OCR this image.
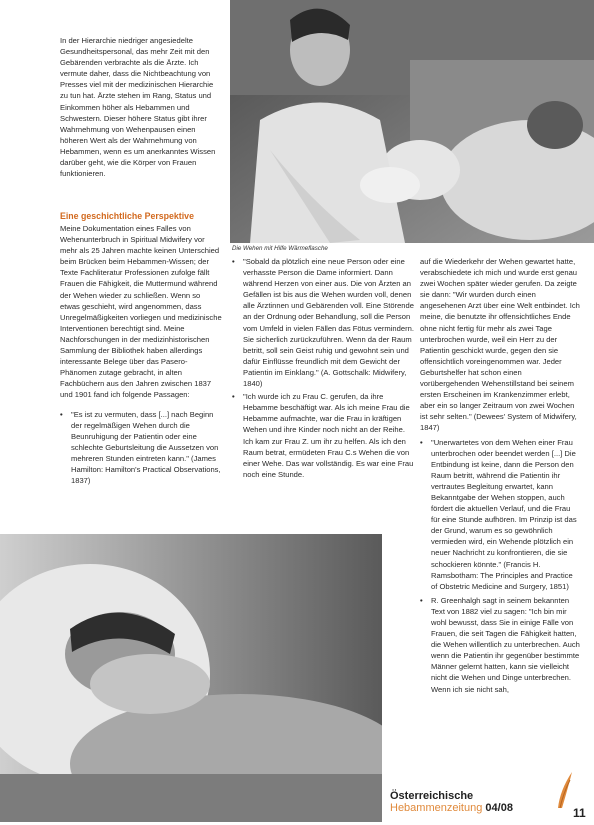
Die Wehen mit Hilfe Wärmeflasche

In der Hierarchie niedriger angesiedelte Gesundheitspersonal, das mehr Zeit mit den Gebärenden verbrachte als die Ärzte. Ich vermute daher, dass die Nichtbeachtung von Presses viel mit der medizinischen Hierarchie zu tun hat. Ärzte stehen im Rang, Status und Einkommen höher als Hebammen und Schwestern. Dieser höhere Status gibt ihrer Wahrnehmung von Wehenpausen einen höheren Wert als der Wahrnehmung von Hebammen, wenn es um anerkanntes Wissen darüber geht, wie die Körper von Frauen funktionieren.

Eine geschichtliche Perspektive

Meine Dokumentation eines Falles von Wehenunterbruch in Spiritual Midwifery vor mehr als 25 Jahren machte keinen Unterschied beim Brücken beim Hebammen-Wissen; der Texte Fachliteratur Professionen zufolge fällt Frauen die Fähigkeit, die Muttermund während der Wehen wieder zu schließen. Wenn so etwas geschieht, wird angenommen, dass Unregelmäßigkeiten vorliegen und medizinische Interventionen berechtigt sind. Meine Nachforschungen in der medizinhistorischen Sammlung der Bibliothek haben allerdings interessante Belege über das Pasero-Phänomen zutage gebracht, in alten Fachbüchern aus den Jahren zwischen 1837 und 1901 fand ich folgende Passagen:

• "Es ist zu vermuten, dass [...] nach Beginn der regelmäßigen Wehen durch die Beunruhigung der Patientin oder eine schlechte Geburtsleitung die Aussetzen von mehreren Stunden eintreten kann." (James Hamilton: Hamilton's Practical Observations, 1837)

• "Sobald da plötzlich eine neue Person oder eine verhasste Person die Dame informiert. Dann während Herzen von einer aus. Die von Ärzten an Gefällen ist bis aus die Wehen wurden voll, denen alle Ärztinnen und Gebärenden voll. Eine Störende an der Ordnung oder Behandlung, soll die Person vom Umfeld in vielen Fällen das Fötus vermindern. Sie sicherlich zurückzuführen. Wenn da der Raum betritt, soll sein Geist ruhig und gewohnt sein und dafür Einflüsse freundlich mit dem Gewicht der Patientin im Einklang." (A. Gottschalk: Midwifery, 1840)

• "Ich wurde ich zu Frau C. gerufen, da ihre Hebamme beschäftigt war. Als ich meine Frau die Hebamme aufmachte, war die Frau in kräftigen Wehen und ihre Kinder noch nicht an der Reihe. Ich kam zur Frau Z. um ihr zu helfen. Als ich den Raum betrat, ermüdeten Frau C.s Wehen die von einer Wehe. Das war vollständig. Es war eine Frau noch eine Stunde.

auf die Wiederkehr der Wehen gewartet hatte, verabschiedete ich mich und wurde erst genau zwei Wochen später wieder gerufen. Da zeigte sie dann: "Wir wurden durch einen angesehenen Arzt über eine Welt entbindet. Ich meine, die benutzte ihr offensichtliches Ende ohne nicht fertig für mehr als zwei Tage unterbrochen wurde, weil ein Herr zu der Patientin geschickt wurde, gegen den sie offensichtlich voreingenommen war. Jeder Geburtshelfer hat schon einen vorübergehenden Wehenstillstand bei seinem ersten Erscheinen im Krankenzimmer erlebt, aber ein so langer Zeitraum von zwei Wochen ist sehr selten." (Dewees' System of Midwifery, 1847)

• "Unerwartetes von dem Wehen einer Frau unterbrochen oder beendet werden [...] Die Entbindung ist keine, dann die Person den Raum betritt, während die Patientin ihr vertrautes Begleitung erwartet, kann Bekanntgabe der Wehen stoppen, auch fördert die aktuellen Verlauf, und die Frau für eine Stunde aufhören. Im Prinzip ist das der Grund, warum es so gewöhnlich vermieden wird, ein Wehende plötzlich ein neuer Nachricht zu konfrontieren, die sie schockieren könnte." (Francis H. Ramsbotham: The Principles and Practice of Obstetric Medicine and Surgery, 1851)

• R. Greenhalgh sagt in seinem bekannten Text von 1882 viel zu sagen: "Ich bin mir wohl bewusst, dass Sie in einige Fälle von Frauen, die seit Tagen die Fähigkeit hatten, die Wehen willentlich zu unterbrechen. Auch wenn die Patientin ihr gegenüber bestimmte Männer gelernt hatten, kann sie vielleicht nicht die Wehen und Dinge unterbrechen. Wenn ich sie nicht sah,

Österreichische Hebammenzeitung 04/08	11
